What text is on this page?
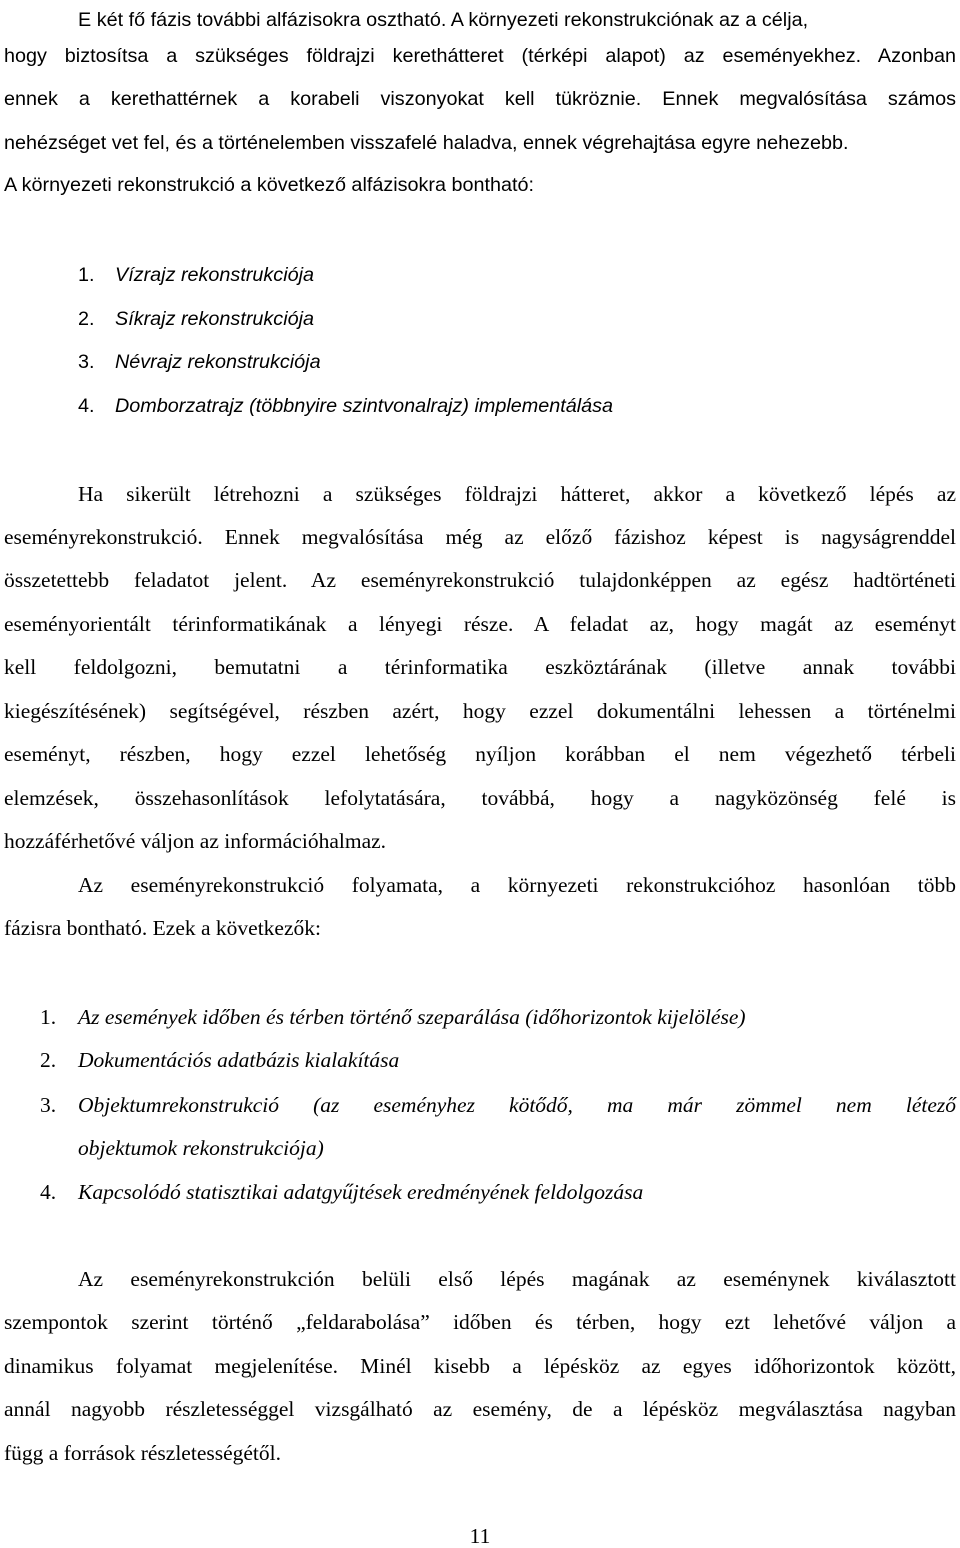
E két fő fázis további alfázisokra osztható. A környezeti rekonstrukciónak az a célja,
hogy biztosítsa a szükséges földrajzi kerethátteret (térképi alapot) az eseményekhez. Azonban
ennek a kerethattérnek a korabeli viszonyokat kell tükröznie. Ennek megvalósítása számos
nehézséget vet fel, és a történelemben visszafelé haladva, ennek végrehajtása egyre nehezebb.
A környezeti rekonstrukció a következő alfázisokra bontható:
1. Vízrajz rekonstrukciója
2. Síkrajz rekonstrukciója
3. Névrajz rekonstrukciója
4. Domborzatrajz (többnyire szintvonalrajz) implementálása
Ha sikerült létrehozni a szükséges földrajzi hátteret, akkor a következő lépés az
eseményrekonstrukció. Ennek megvalósítása még az előző fázishoz képest is nagyságrenddel
összetettebb feladatot jelent. Az eseményrekonstrukció tulajdonképpen az egész hadtörténeti
eseményorientált térinformatikának a lényegi része. A feladat az, hogy magát az eseményt
kell feldolgozni, bemutatni a térinformatika eszköztárának (illetve annak további
kiegészítésének) segítségével, részben azért, hogy ezzel dokumentálni lehessen a történelmi
eseményt, részben, hogy ezzel lehetőség nyíljon korábban el nem végezhető térbeli
elemzések, összehasonlítások lefolytatására, továbbá, hogy a nagyközönség felé is
hozzáférhetővé váljon az információhalmaz.
Az eseményrekonstrukció folyamata, a környezeti rekonstrukcióhoz hasonlóan több
fázisra bontható. Ezek a következők:
1. Az események időben és térben történő szeparálása (időhorizontok kijelölése)
2. Dokumentációs adatbázis kialakítása
3. Objektumrekonstrukció (az eseményhez kötődő, ma már zömmel nem létező
objektumok rekonstrukciója)
4. Kapcsolódó statisztikai adatgyűjtések eredményének feldolgozása
Az eseményrekonstrukción belüli első lépés magának az eseménynek kiválasztott
szempontok szerint történő „feldarabolása” időben és térben, hogy ezt lehetővé váljon a
dinamikus folyamat megjelenítése. Minél kisebb a lépésköz az egyes időhorizontok között,
annál nagyobb részletességgel vizsgálható az esemény, de a lépésköz megválasztása nagyban
függ a források részletességétől.
11
